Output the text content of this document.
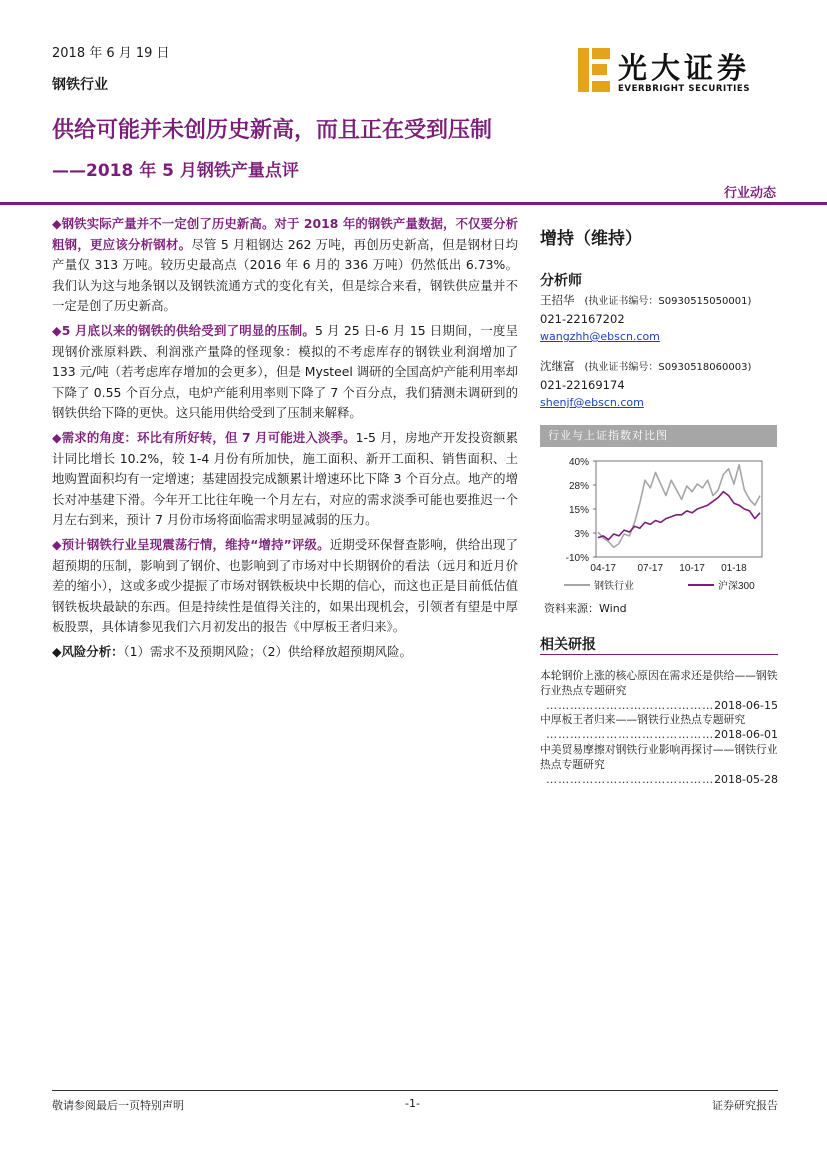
2018 年 6 月 19 日
钢铁行业	光大证券
EVERBRIGHT SECURITIES
供给可能并未创历史新高，而且正在受到压制
——2018 年 5 月钢铁产量点评
行业动态

◆钢铁实际产量并不一定创了历史新高。对于 2018 年的钢铁产量数据，不仅要分析粗钢，更应该分析钢材。尽管 5 月粗钢达 262 万吨，再创历史新高，但是钢材日均产量仅 313 万吨。较历史最高点（2016 年 6 月的 336 万吨）仍然低出 6.73%。我们认为这与地条钢以及钢铁流通方式的变化有关，但是综合来看，钢铁供应量并不一定是创了历史新高。

◆5 月底以来的钢铁的供给受到了明显的压制。5 月 25 日-6 月 15 日期间，一度呈现钢价涨原料跌、利润涨产量降的怪现象：模拟的不考虑库存的钢铁业利润增加了 133 元/吨（若考虑库存增加的会更多），但是 Mysteel 调研的全国高炉产能利用率却下降了 0.55 个百分点，电炉产能利用率则下降了 7 个百分点，我们猜测未调研到的钢铁供给下降的更快。这只能用供给受到了压制来解释。

◆需求的角度：环比有所好转，但 7 月可能进入淡季。1-5 月，房地产开发投资额累计同比增长 10.2%，较 1-4 月份有所加快，施工面积、新开工面积、销售面积、土地购置面积均有一定增速；基建固投完成额累计增速环比下降 3 个百分点。地产的增长对冲基建下滑。今年开工比往年晚一个月左右，对应的需求淡季可能也要推迟一个月左右到来，预计 7 月份市场将面临需求明显减弱的压力。

◆预计钢铁行业呈现震荡行情，维持“增持”评级。近期受环保督查影响，供给出现了超预期的压制，影响到了钢价、也影响到了市场对中长期钢价的看法（远月和近月价差的缩小），这或多或少提振了市场对钢铁板块中长期的信心，而这也正是目前低估值钢铁板块最缺的东西。但是持续性是值得关注的，如果出现机会，引领者有望是中厚板股票，具体请参见我们六月初发出的报告《中厚板王者归来》。

◆风险分析：（1）需求不及预期风险；（2）供给释放超预期风险。

增持（维持）
分析师
王招华 (执业证书编号：S0930515050001)
021-22167202
wangzhh@ebscn.com
沈继富 (执业证书编号：S0930518060003)
021-22169174
shenjf@ebscn.com
行业与上证指数对比图
40%
28%
15%
3%
-10%
04-17 07-17 10-17 01-18
钢铁行业	沪深300
资料来源：Wind
相关研报
本轮钢价上涨的核心原因在需求还是供给——钢铁行业热点专题研究
……………………………………2018-06-15
中厚板王者归来——钢铁行业热点专题研究
……………………………………2018-06-01
中美贸易摩擦对钢铁行业影响再探讨——钢铁行业热点专题研究
……………………………………2018-05-28
敬请参阅最后一页特别声明	-1-	证券研究报告
